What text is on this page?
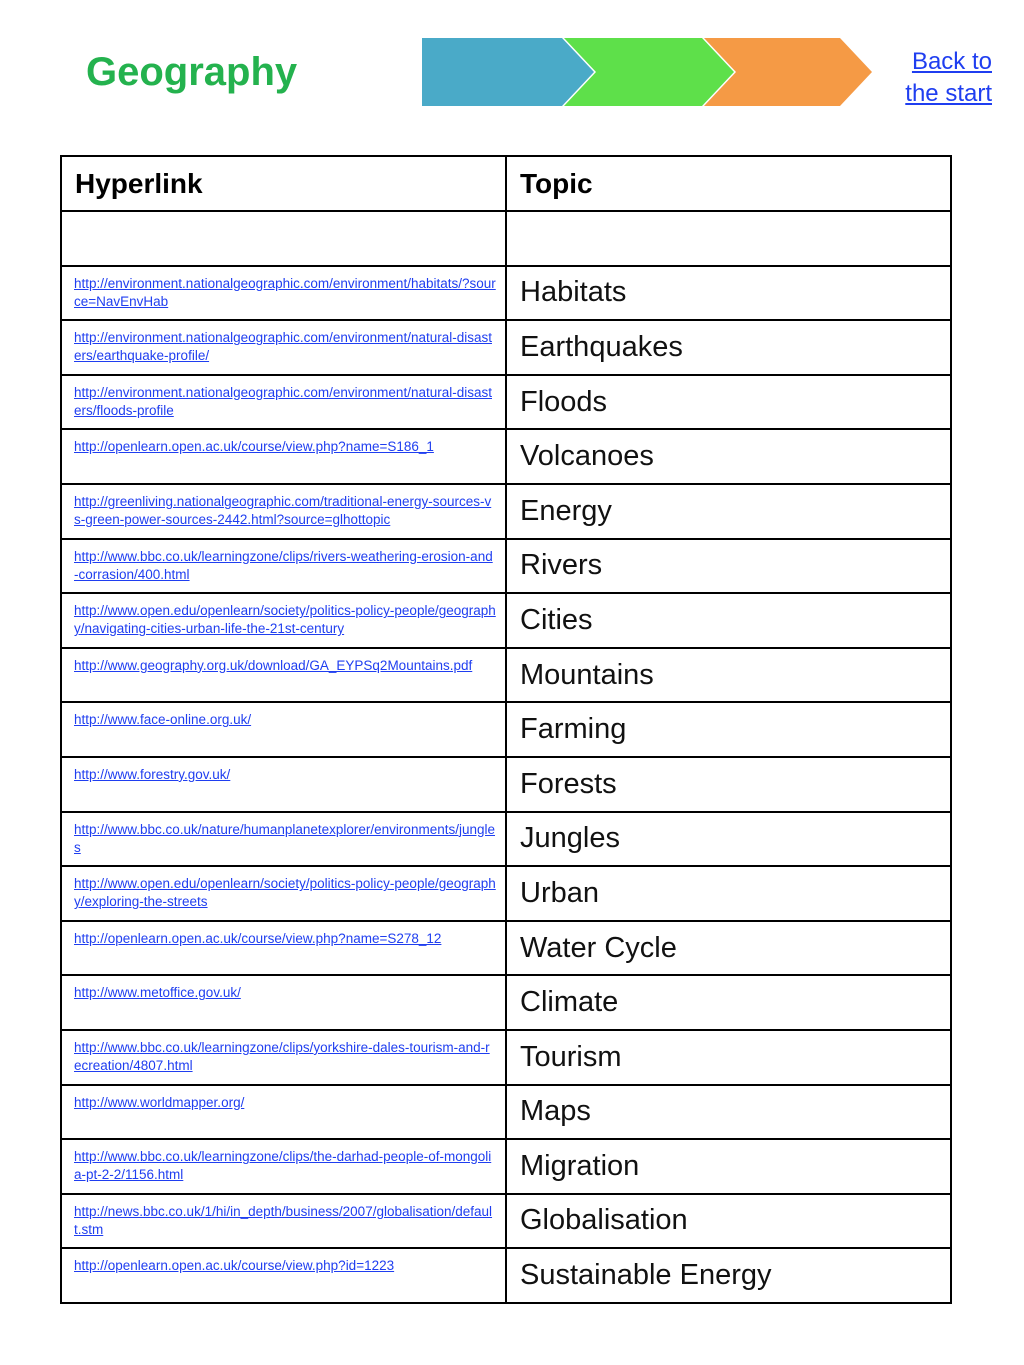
Geography	Back to
the start
Hyperlink	Topic

http://environment.nationalgeographic.com/environment/habitats/?source=NavEnvHab	Habitats

http://environment.nationalgeographic.com/environment/natural-disasters/earthquake-profile/	Earthquakes

http://environment.nationalgeographic.com/environment/natural-disasters/floods-profile	Floods

http://openlearn.open.ac.uk/course/view.php?name=S186_1	Volcanoes

http://greenliving.nationalgeographic.com/traditional-energy-sources-vs-green-power-sources-2442.html?source=glhottopic	Energy

http://www.bbc.co.uk/learningzone/clips/rivers-weathering-erosion-and-corrasion/400.html	Rivers

http://www.open.edu/openlearn/society/politics-policy-people/geography/navigating-cities-urban-life-the-21st-century	Cities

http://www.geography.org.uk/download/GA_EYPSq2Mountains.pdf	Mountains

http://www.face-online.org.uk/	Farming

http://www.forestry.gov.uk/	Forests

http://www.bbc.co.uk/nature/humanplanetexplorer/environments/jungles	Jungles

http://www.open.edu/openlearn/society/politics-policy-people/geography/exploring-the-streets	Urban

http://openlearn.open.ac.uk/course/view.php?name=S278_12	Water Cycle

http://www.metoffice.gov.uk/	Climate

http://www.bbc.co.uk/learningzone/clips/yorkshire-dales-tourism-and-recreation/4807.html	Tourism

http://www.worldmapper.org/	Maps

http://www.bbc.co.uk/learningzone/clips/the-darhad-people-of-mongolia-pt-2-2/1156.html	Migration

http://news.bbc.co.uk/1/hi/in_depth/business/2007/globalisation/default.stm	Globalisation

http://openlearn.open.ac.uk/course/view.php?id=1223	Sustainable Energy
